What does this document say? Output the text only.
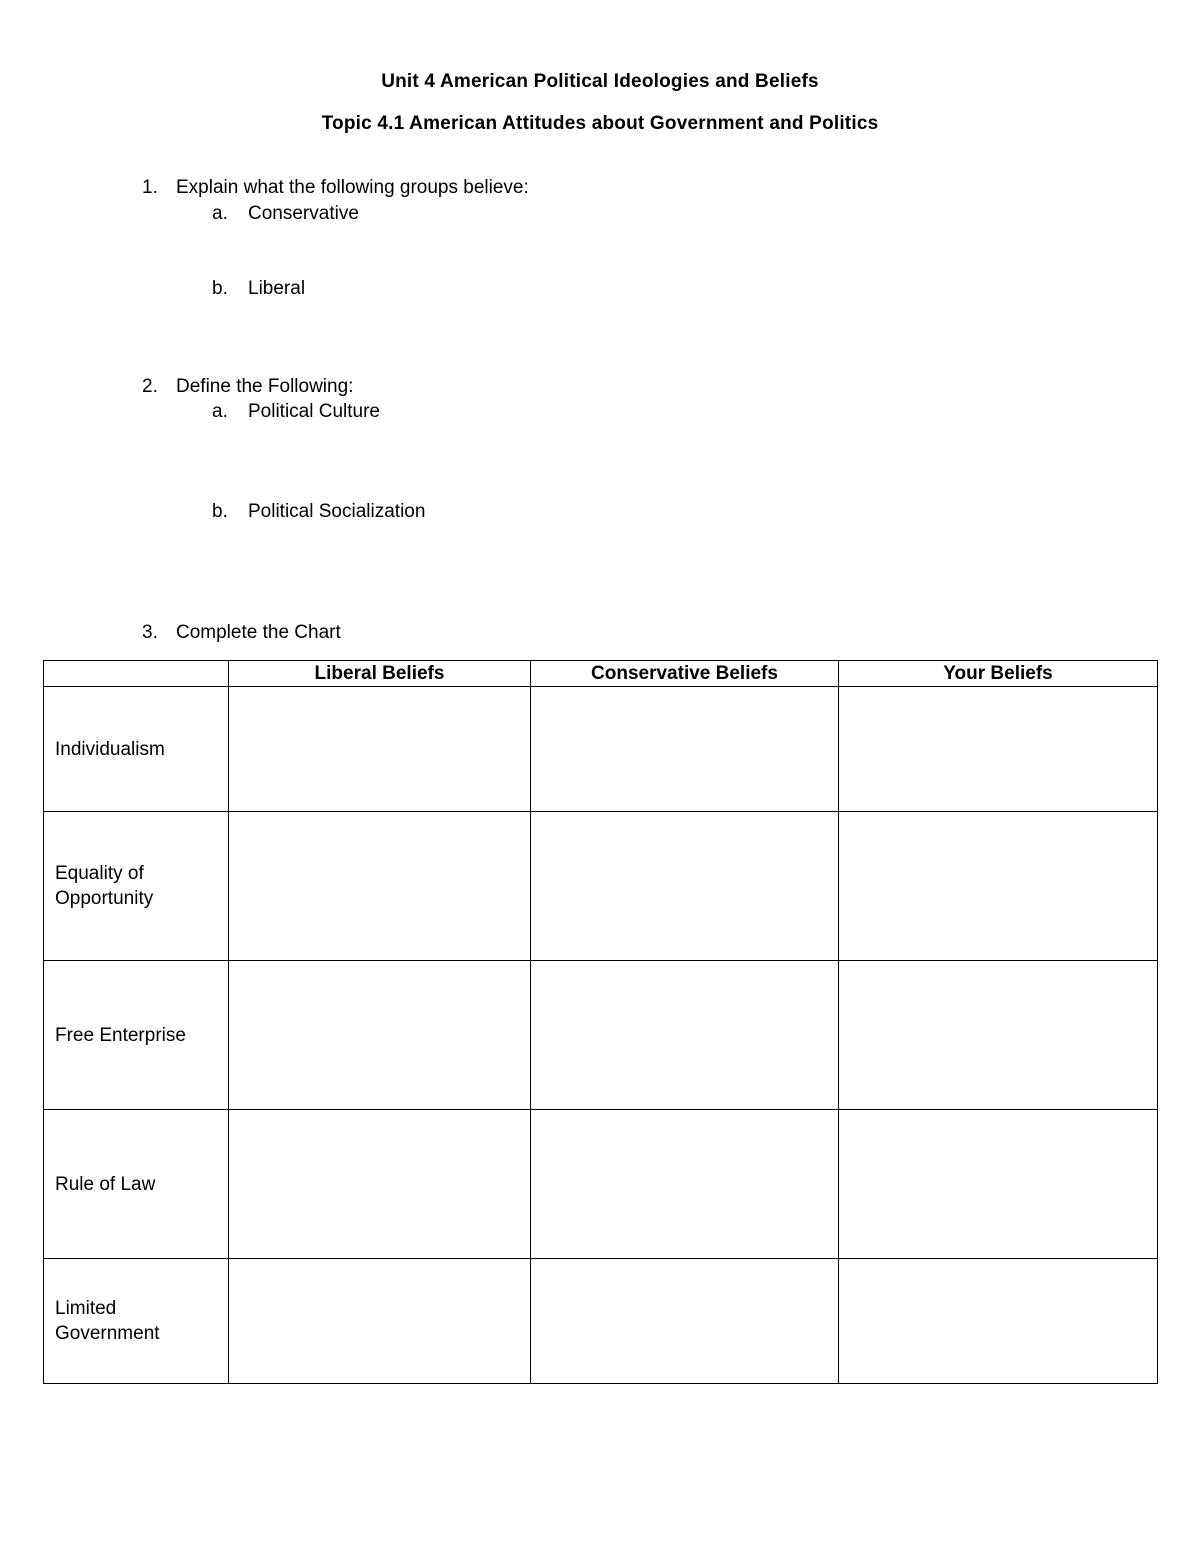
Unit 4 American Political Ideologies and Beliefs
Topic 4.1 American Attitudes about Government and Politics
1. Explain what the following groups believe:
a. Conservative
b. Liberal
2. Define the Following:
a. Political Culture
b. Political Socialization
3. Complete the Chart
	Liberal Beliefs	Conservative Beliefs	Your Beliefs
Individualism			
Equality of Opportunity			
Free Enterprise			
Rule of Law			
Limited Government			
